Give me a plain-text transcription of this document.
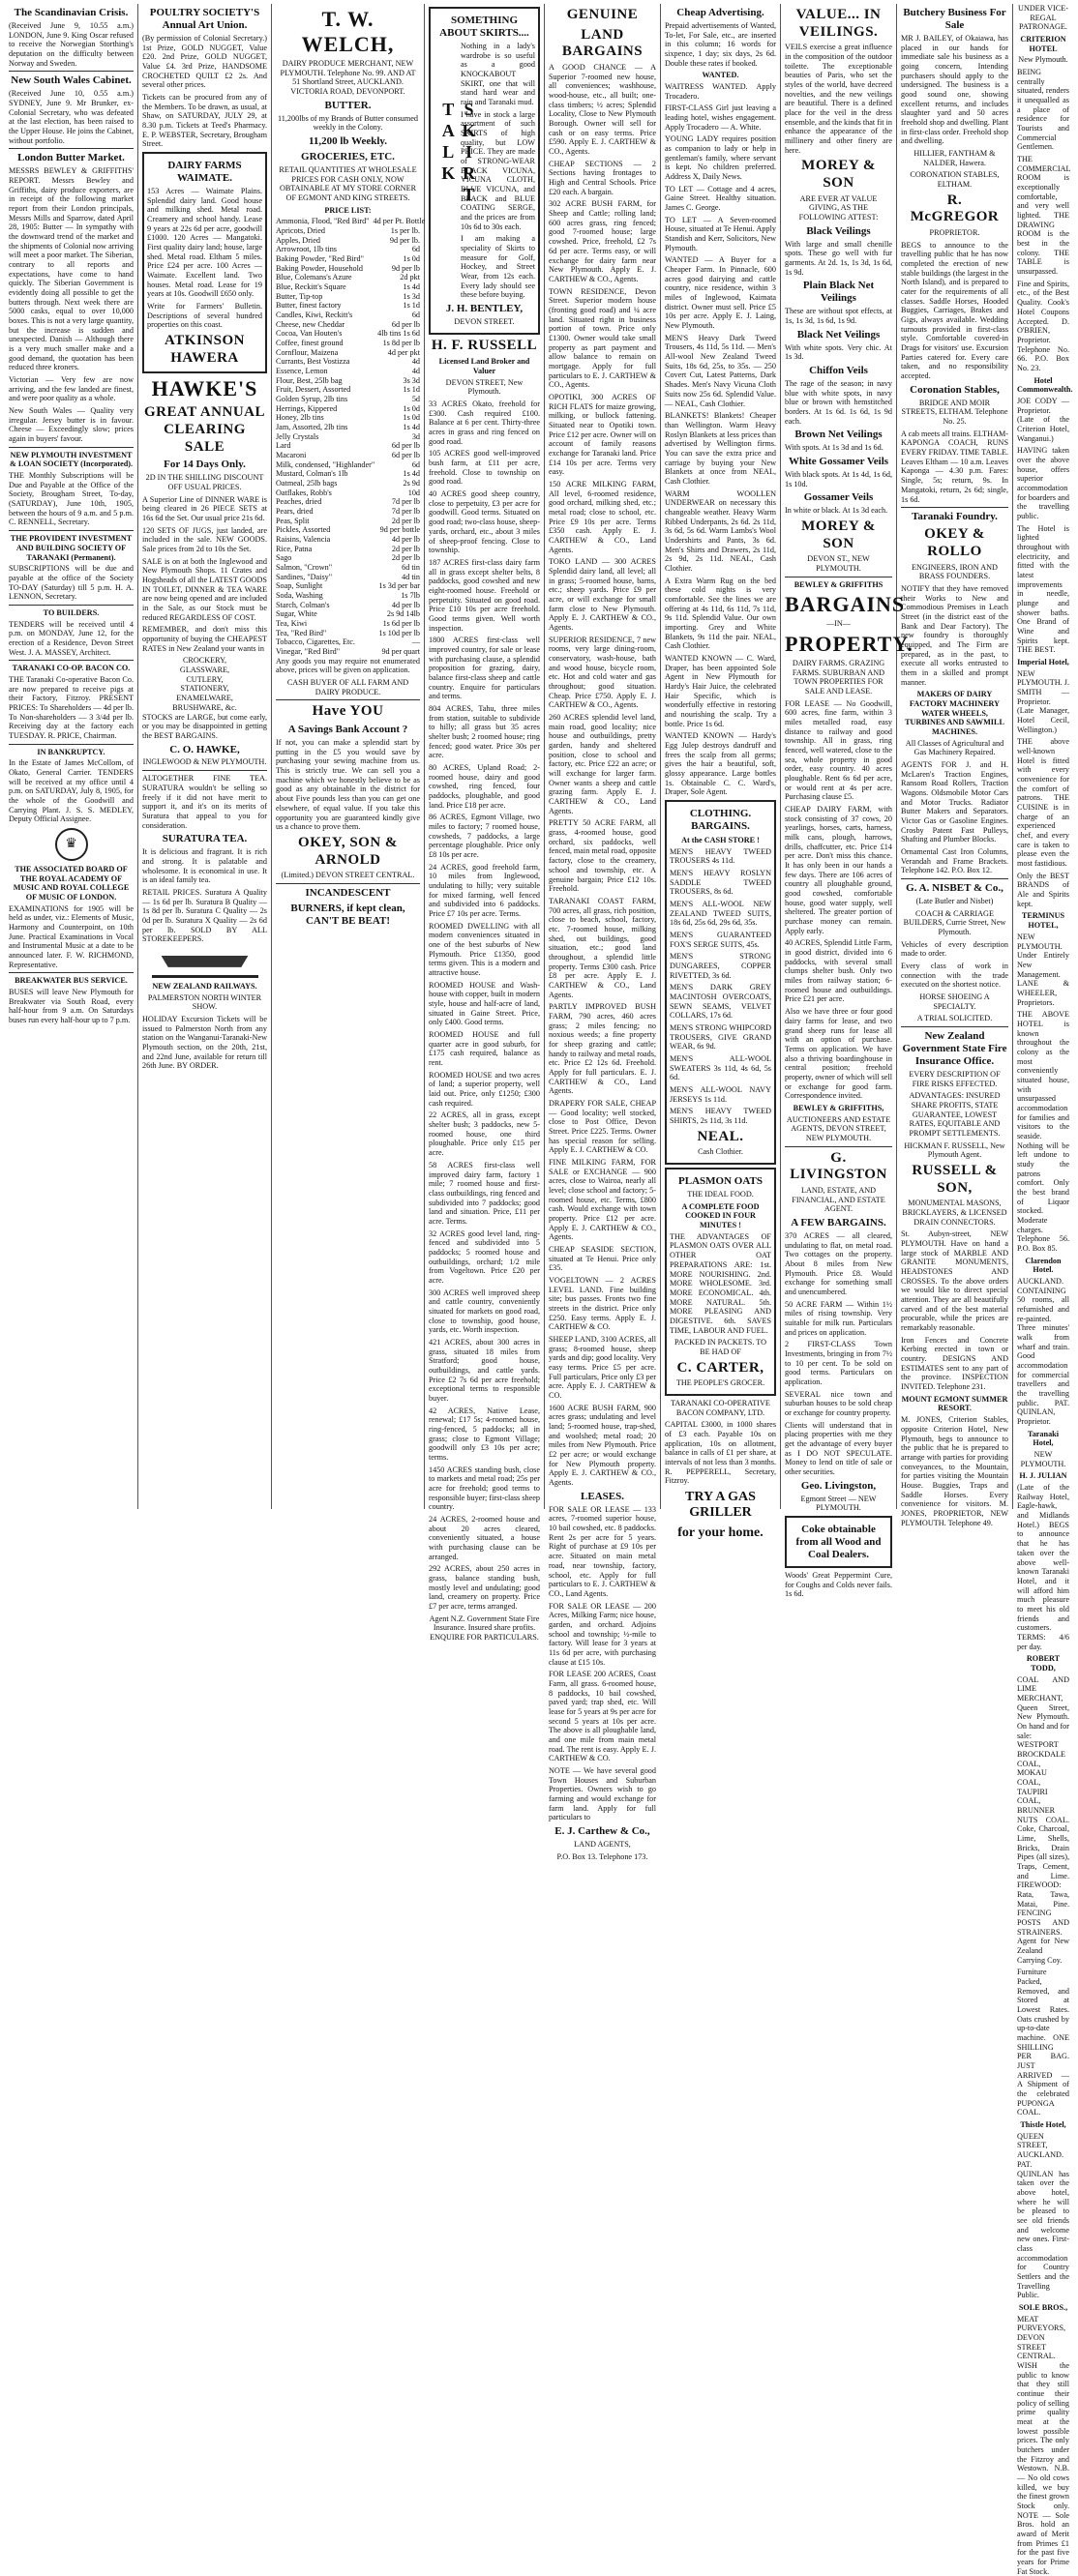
The Scandinavian Crisis.
(Received June 9, 10.55 a.m.) LONDON, June 9. King Oscar refused to receive the Norwegian Storthing's deputation on the difficulty between Norway and Sweden.
New South Wales Cabinet.
(Received June 10, 0.55 a.m.) SYDNEY, June 9. Mr Brunker, ex-Colonial Secretary, who was defeated at the last election, has been raised to the Upper House. He joins the Cabinet, without portfolio.
London Butter Market.
MESSRS BEWLEY & GRIFFITHS' REPORT. Messrs Bewley and Griffiths, dairy produce exporters, are in receipt of the following market report from their London principals, Messrs Mills and Sparrow, dated April 28, 1905: Butter — In sympathy with the downward trend of the market and the shipments of Colonial now arriving will meet a poor market. The Siberian, contrary to all reports and expectations, have come to hand quickly. The Siberian Government is evidently doing all possible to get the butters through. Next week there are 5000 casks, equal to over 10,000 boxes. This is not a very large quantity, but the increase is sudden and unexpected. Danish — Although there is a very much smaller make and a good demand, the quotation has been reduced three kroners.
Victorian — Very few are now arriving, and the few landed are finest, and were poor quality as a whole.
New South Wales — Quality very irregular. Jersey butter is in favour. Cheese — Exceedingly slow; prices again in buyers' favour.
NEW PLYMOUTH INVESTMENT & LOAN SOCIETY (Incorporated).
THE Monthly Subscriptions will be Due and Payable at the Office of the Society, Brougham Street, To-day, (SATURDAY), June 10th, 1905, between the hours of 9 a.m. and 5 p.m. C. RENNELL, Secretary.
THE PROVIDENT INVESTMENT AND BUILDING SOCIETY OF TARANAKI (Permanent).
SUBSCRIPTIONS will be due and payable at the office of the Society TO-DAY (Saturday) till 5 p.m. H. A. LENNON, Secretary.
TO BUILDERS.
TENDERS will be received until 4 p.m. on MONDAY, June 12, for the erection of a Residence, Devon Street West. J. A. MASSEY, Architect.
TARANAKI CO-OP. BACON CO.
THE Taranaki Co-operative Bacon Co. are now prepared to receive pigs at their Factory, Fitzroy. PRESENT PRICES: To Shareholders — 4d per lb. To Non-shareholders — 3 3/4d per lb. Receiving day at the factory each TUESDAY. R. PRICE, Chairman.
IN BANKRUPTCY.
In the Estate of James McCollom, of Okato, General Carrier. TENDERS will be received at my office until 4 p.m. on SATURDAY, July 8, 1905, for the whole of the Goodwill and Carrying Plant. J. S. S. MEDLEY, Deputy Official Assignee.
♛
THE ASSOCIATED BOARD OF THE ROYAL ACADEMY OF MUSIC AND ROYAL COLLEGE OF MUSIC OF LONDON.
EXAMINATIONS for 1905 will be held as under, viz.: Elements of Music, Harmony and Counterpoint, on 10th June. Practical Examinations in Vocal and Instrumental Music at a date to be announced later. F. W. RICHMOND, Representative.
BREAKWATER BUS SERVICE.
BUSES will leave New Plymouth for Breakwater via South Road, every half-hour from 9 a.m. On Saturdays buses run every half-hour up to 7 p.m.
POULTRY SOCIETY'S Annual Art Union.
(By permission of Colonial Secretary.) 1st Prize, GOLD NUGGET, Value £20. 2nd Prize, GOLD NUGGET, Value £4. 3rd Prize, HANDSOME CROCHETED QUILT £2 2s. And several other prices.
Tickets can be procured from any of the Members. To be drawn, as usual, at Shaw, on SATURDAY, JULY 29, at 8.30 p.m. Tickets at Teed's Pharmacy. E. P. WEBSTER, Secretary, Brougham Street.
DAIRY FARMS WAIMATE.
153 Acres — Waimate Plains. Splendid dairy land. Good house and milking shed. Metal road. Creamery and school handy. Lease 9 years at 22s 6d per acre, goodwill £1000. 120 Acres — Mangatoki. First quality dairy land; house, large shed. Metal road. Eltham 5 miles. Price £24 per acre. 100 Acres — Waimate. Excellent land. Two houses. Metal road. Lease for 19 years at 10s. Goodwill £650 only.
Write for Farmers' Bulletin. Descriptions of several hundred properties on this coast.
ATKINSON HAWERA
HAWKE'S
GREAT ANNUAL CLEARING SALE
For 14 Days Only.
2D IN THE SHILLING DISCOUNT OFF USUAL PRICES.
A Superior Line of DINNER WARE is being cleared in 26 PIECE SETS at 16s 6d the Set. Our usual price 21s 6d.
120 SETS OF JUGS, just landed, are included in the sale. NEW GOODS. Sale prices from 2d to 10s the Set.
SALE is on at both the Inglewood and New Plymouth Shops. 11 Crates and Hogsheads of all the LATEST GOODS IN TOILET, DINNER & TEA WARE are now being opened and are included in the Sale, as our Stock must be reduced REGARDLESS OF COST.
REMEMBER, and don't miss this opportunity of buying the CHEAPEST RATES in New Zealand your wants in
CROCKERY,
GLASSWARE,
CUTLERY,
STATIONERY,
ENAMELWARE,
BRUSHWARE, &c.
STOCKS are LARGE, but come early, or you may be disappointed in getting the BEST BARGAINS.
C. O. HAWKE,
INGLEWOOD & NEW PLYMOUTH.
ALTOGETHER FINE TEA. SURATURA wouldn't be selling so freely if it did not have merit to support it, and it's on its merits of Suratura that appeal to you for consideration.
SURATURA TEA.
It is delicious and fragrant. It is rich and strong. It is palatable and wholesome. It is economical in use. It is an ideal family tea.
RETAIL PRICES. Suratura A Quality — 1s 6d per lb. Suratura B Quality — 1s 8d per lb. Suratura C Quality — 2s 0d per lb. Suratura X Quality — 2s 6d per lb. SOLD BY ALL STOREKEEPERS.
NEW ZEALAND RAILWAYS.
PALMERSTON NORTH WINTER SHOW.
HOLIDAY Excursion Tickets will be issued to Palmerston North from any station on the Wanganui-Taranaki-New Plymouth section, on the 20th, 21st, and 22nd June, available for return till 26th June. BY ORDER.
T. W. WELCH,
DAIRY PRODUCE MERCHANT, NEW PLYMOUTH. Telephone No. 99. AND AT 51 Shortland Street, AUCKLAND. VICTORIA ROAD, DEVONPORT.
BUTTER.
11,200lbs of my Brands of Butter consumed weekly in the Colony.
11,200 lb Weekly.
GROCERIES, ETC.
RETAIL QUANTITIES AT WHOLESALE PRICES FOR CASH ONLY, NOW OBTAINABLE AT MY STORE CORNER OF EGMONT AND KING STREETS.
PRICE LIST:
Ammonia, Flood, "Red Bird" 4d per Pt. Bottle
Apricots, Dried	1s per lb.
Apples, Dried	9d per lb.
Arrowroot, 1lb tins	6d
Baking Powder, "Red Bird"	1s 0d
Baking Powder, Household	9d per lb
Blue, Colemans's Azure	2d pkt
Blue, Reckitt's Square	1s 4d
Butter, Tip-top	1s 3d
Butter, finest factory	1s 1d
Candles, Kiwi, Reckitt's	6d
Cheese, new Cheddar	6d per lb
Cocoa, Van Houten's	4lb tins 1s 6d
Coffee, finest ground	1s 8d per lb
Cornflour, Maizena	4d per pkt
Currants, Best Vostizza	4d
Essence, Lemon	4d
Flour, Best, 25lb bag	3s 3d
Fruit, Dessert, Assorted	1s 1d
Golden Syrup, 2lb tins	5d
Herrings, Kippered	1s 0d
Honey, 2lb tins	1s 0d
Jam, Assorted, 2lb tins	1s 4d
Jelly Crystals	3d
Lard	6d per lb
Macaroni	6d per lb
Milk, condensed, "Highlander"	6d
Mustard, Colman's 1lb	1s 4d
Oatmeal, 25lb bags	2s 9d
Oatflakes, Robb's	10d
Peaches, dried	7d per lb
Pears, dried	7d per lb
Peas, Split	2d per lb
Pickles, Assorted	9d per bottle
Raisins, Valencia	4d per lb
Rice, Patna	2d per lb
Sago	2d per lb
Salmon, "Crown"	6d tin
Sardines, "Daisy"	4d tin
Soap, Sunlight	1s 3d per bar
Soda, Washing	1s 7lb
Starch, Colman's	4d per lb
Sugar, White	2s 9d 14lb
Tea, Kiwi	1s 6d per lb
Tea, "Red Bird"	1s 10d per lb
Tobacco, Cigarettes, Etc.	—
Vinegar, "Red Bird"	9d per quart
Any goods you may require not enumerated above, prices will be given on application.
CASH BUYER OF ALL FARM AND DAIRY PRODUCE.
Have YOU
A Savings Bank Account ?
If not, you can make a splendid start by putting in the £5 you would save by purchasing your sewing machine from us. This is strictly true. We can sell you a machine which we honestly believe to be as good as any obtainable in the district for about Five pounds less than you can get one elsewhere, of equal value. If you take this opportunity you are guaranteed kindly give us a chance to prove them.
OKEY, SON & ARNOLD
(Limited.) DEVON STREET CENTRAL.
INCANDESCENT
BURNERS, if kept clean, CAN'T BE BEAT!
SOMETHING ABOUT SKIRTS....
SKIRT TALK
Nothing in a lady's wardrobe is so useful as a good KNOCKABOUT SKIRT, one that will stand hard wear and rain and Taranaki mud.
I have in stock a large assortment of such SKIRTS of high quality, but LOW PRICE. They are made of STRONG-WEAR BLACK VICUNA, VICUNA CLOTH, BLUE VICUNA, and BLACK and BLUE COATING SERGE, and the prices are from 10s 6d to 30s each.
I am making a speciality of Skirts to measure for Golf, Hockey, and Street Wear, from 12s each. Every lady should see these before buying.
J. H. BENTLEY,
DEVON STREET.
H. F. RUSSELL
Licensed Land Broker and Valuer
DEVON STREET, New Plymouth.
33 ACRES Okato, freehold for £300. Cash required £100. Balance at 6 per cent. Thirty-three acres in grass and ring fenced on good road.
105 ACRES good well-improved bush farm, at £11 per acre, freehold. Close to township on good road.
40 ACRES good sheep country, close to perpetuity, £3 per acre for goodwill. Good terms. Situated on good road; two-class house, sheep-yards, orchard, etc., about 3 miles of sheep-proof fencing. Close to township.
187 ACRES first-class dairy farm all in grass except shelter belts, 8 paddocks, good cowshed and new eight-roomed house. Freehold or perpetuity. Situated on good road. Price £10 10s per acre freehold. Good terms given. Well worth inspection.
1800 ACRES first-class well improved country, for sale or lease with purchasing clause, a splendid proposition for grazing, dairy, balance first-class sheep and cattle country. Enquire for particulars and terms.
804 ACRES, Tahu, three miles from station, suitable to subdivide to hilly; all grass but 35 acres shelter bush; 2 roomed house; ring fenced; good water. Price 30s per acre.
80 ACRES, Upland Road; 2-roomed house, dairy and good cowshed, ring fenced, four paddocks, ploughable, and good land. Price £18 per acre.
86 ACRES, Egmont Village, two miles to factory; 7 roomed house, cowsheds, 7 paddocks, a large percentage ploughable. Price only £8 10s per acre.
24 ACRES, good freehold farm, 10 miles from Inglewood, undulating to hilly; very suitable for mixed farming, well fenced and subdivided into 6 paddocks. Price £7 10s per acre. Terms.
ROOMED DWELLING with all modern conveniences situated in one of the best suburbs of New Plymouth. Price £1350, good terms given. This is a modern and attractive house.
ROOMED HOUSE and Wash-house with copper, built in modern style, house and half-acre of land, situated in Gaine Street. Price, only £400. Good terms.
ROOMED HOUSE and full quarter acre in good suburb, for £175 cash required, balance as rent.
ROOMED HOUSE and two acres of land; a superior property, well laid out. Price, only £1250; £300 cash required.
22 ACRES, all in grass, except shelter bush; 3 paddocks, new 5-roomed house, one third ploughable. Price only £15 per acre.
58 ACRES first-class well improved dairy farm, factory 1 mile; 7 roomed house and first-class outbuildings, ring fenced and subdivided into 7 paddocks; good land and situation. Price, £11 per acre. Terms.
32 ACRES good level land, ring-fenced and subdivided into 5 paddocks; 5 roomed house and outbuildings, orchard; 1/2 mile from Vogeltown. Price £20 per acre.
300 ACRES well improved sheep and cattle country, conveniently situated for markets on good road, close to township, good house, yards, etc. Worth inspection.
421 ACRES, about 300 acres in grass, situated 18 miles from Stratford; good house, outbuildings, and cattle yards. Price £2 7s 6d per acre freehold; exceptional terms to responsible buyer.
42 ACRES, Native Lease, renewal; £17 5s; 4-roomed house, ring-fenced, 5 paddocks; all in grass; close to Egmont Village; goodwill only £3 10s per acre; terms.
1450 ACRES standing bush, close to markets and metal road; 25s per acre for freehold; good terms to responsible buyer; first-class sheep country.
24 ACRES, 2-roomed house and about 20 acres cleared, conveniently situated, a house with purchasing clause can be arranged.
292 ACRES, about 250 acres in grass, balance standing bush, mostly level and undulating; good land, creamery on property. Price £7 per acre, terms arranged.
Agent N.Z. Government State Fire Insurance. Insured share profits. ENQUIRE FOR PARTICULARS.
GENUINE
LAND BARGAINS
A GOOD CHANCE — A Superior 7-roomed new house, all conveniences; washhouse, wood-house, etc., all built; one-class timbers; ½ acres; Splendid Locality, Close to New Plymouth Borough. Owner will sell for cash or on easy terms. Price £590. Apply E. J. CARTHEW & CO., Agents.
CHEAP SECTIONS — 2 Sections having frontages to High and Central Schools. Price £20 each. A bargain.
302 ACRE BUSH FARM, for Sheep and Cattle; rolling land; 600 acres grass, ring fenced; good 7-roomed house; large cowshed. Price, freehold, £2 7s 6d per acre. Terms easy, or will exchange for dairy farm near New Plymouth. Apply E. J. CARTHEW & CO., Agents.
TOWN RESIDENCE, Devon Street. Superior modern house (fronting good road) and ¼ acre land. Situated right in business portion of town. Price only £1300. Owner would take small property as part payment and allow balance to remain on mortgage. Apply for full particulars to E. J. CARTHEW & CO., Agents.
OPOTIKI, 300 ACRES OF RICH FLATS for maize growing, milking, or bullock fattening. Situated near to Opotiki town. Price £12 per acre. Owner will on account of family reasons exchange for Taranaki land. Price £14 10s per acre. Terms very easy.
150 ACRE MILKING FARM, All level, 6-roomed residence, good orchard, milking shed, etc.; metal road; close to school, etc. Price £9 10s per acre. Terms £350 cash. Apply E. J. CARTHEW & CO., Land Agents.
TOKO LAND — 300 ACRES Splendid dairy land, all level; all in grass; 5-roomed house, barns, etc.; sheep yards. Price £9 per acre, or will exchange for small farm close to New Plymouth. Apply E. J. CARTHEW & CO., Agents.
SUPERIOR RESIDENCE, 7 new rooms, very large dining-room, conservatory, wash-house, bath and wood house, bicycle room, etc. Hot and cold water and gas throughout; good situation. Cheap. Price £750. Apply E. J. CARTHEW & CO., Agents.
260 ACRES splendid level land, main road, good locality; nice house and outbuildings, pretty garden, handy and sheltered position, close to school and factory, etc. Price £22 an acre; or will exchange for larger farm. Owner wants a sheep and cattle grazing farm. Apply E. J. CARTHEW & CO., Land Agents.
PRETTY 50 ACRE FARM, all grass, 4-roomed house, good orchard, six paddocks, well fenced, main metal road, opposite factory, close to the creamery, school and township, etc. A genuine bargain; Price £12 10s. Freehold.
TARANAKI COAST FARM, 700 acres, all grass, rich position, close to beach, school, factory, etc. 7-roomed house, milking shed, out buildings, good situation, etc.; good land throughout, a splendid little property. Terms £300 cash. Price £8 per acre. Apply E. J. CARTHEW & CO., Land Agents.
PARTLY IMPROVED BUSH FARM, 790 acres, 460 acres grass; 2 miles fencing; no noxious weeds; a fine property for sheep grazing and cattle; handy to railway and metal roads, etc. Price £2 12s 6d. Freehold. Apply for full particulars. E. J. CARTHEW & CO., Land Agents.
DRAPERY FOR SALE, CHEAP — Good locality; well stocked, close to Post Office, Devon Street. Price £225. Terms. Owner has special reason for selling. Apply E. J. CARTHEW & CO.
FINE MILKING FARM, FOR SALE or EXCHANGE — 900 acres, close to Wairoa, nearly all level; close school and factory; 5-roomed house, etc. Terms, £800 cash. Would exchange with town property. Price £12 per acre. Apply E. J. CARTHEW & CO., Agents.
CHEAP SEASIDE SECTION, situated at Te Henui. Price only £35.
VOGELTOWN — 2 ACRES LEVEL LAND. Fine building site; bus passes. Fronts two fine streets in the district. Price only £250. Easy terms. Apply E. J. CARTHEW & CO.
SHEEP LAND, 3100 ACRES, all grass; 8-roomed house, sheep yards and dip; good locality. Very easy terms. Price £5 per acre. Full particulars, Price only £3 per acre. Apply E. J. CARTHEW & CO.
1600 ACRE BUSH FARM, 900 acres grass; undulating and level land; 5-roomed house, trap-shed, and woolshed; metal road; 20 miles from New Plymouth. Price £2 per acre; or would exchange for New Plymouth property. Apply E. J. CARTHEW & CO., Agents.
LEASES.
FOR SALE OR LEASE — 133 acres, 7-roomed superior house, 10 bail cowshed, etc. 8 paddocks. Rent 2s per acre for 5 years. Right of purchase at £9 10s per acre. Situated on main metal road, near township, factory, school, etc. Apply for full particulars to E. J. CARTHEW & CO., Land Agents.
FOR SALE OR LEASE — 200 Acres, Milking Farm; nice house, garden, and orchard. Adjoins school and township; ½-mile to factory. Will lease for 3 years at 11s 6d per acre, with purchasing clause at £15 10s.
FOR LEASE 200 ACRES, Coast Farm, all grass. 6-roomed house, 8 paddocks, 10 bail cowshed, paved yard; trap shed, etc. Will lease for 5 years at 9s per acre for second 5 years at 10s per acre. The above is all ploughable land, and one mile from main metal road. The rent is easy. Apply E. J. CARTHEW & CO.
NOTE — We have several good Town Houses and Suburban Properties. Owners wish to go farming and would exchange for farm land. Apply for full particulars to
E. J. Carthew & Co.,
LAND AGENTS,
P.O. Box 13. Telephone 173.
Cheap Advertising.
Prepaid advertisements of Wanted, To-let, For Sale, etc., are inserted in this column; 16 words for sixpence, 1 day; six days, 2s 6d. Double these rates if booked.
WANTED.
WAITRESS WANTED. Apply Trocadero.
FIRST-CLASS Girl just leaving a leading hotel, wishes engagement. Apply Trocadero — A. White.
YOUNG LADY requires position as companion to lady or help in gentleman's family, where servant is kept. No children preferred. Address X, Daily News.
TO LET — Cottage and 4 acres, Gaine Street. Healthy situation. James C. George.
TO LET — A Seven-roomed House, situated at Te Henui. Apply Standish and Kerr, Solicitors, New Plymouth.
WANTED — A Buyer for a Cheaper Farm. In Pinnacle, 600 acres good dairying and cattle country, nice residence, within 3 miles of Inglewood, Kaimata district. Owner must sell. Price £5 10s per acre. Apply E. J. Laing, New Plymouth.
MEN'S Heavy Dark Tweed Trousers, 4s 11d, 5s 11d. — Men's All-wool New Zealand Tweed Suits, 18s 6d, 25s, to 35s. — 250 Covert Cut, Latest Patterns, Dark Shades. Men's Navy Vicuna Cloth Suits now 25s 6d. Splendid Value. — NEAL, Cash Clothier.
BLANKETS! Blankets! Cheaper than Wellington. Warm Heavy Roslyn Blankets at less prices than advertised by Wellington firms. You can save the extra price and carriage by buying your New Blankets at once from NEAL, Cash Clothier.
WARM WOOLLEN UNDERWEAR on necessary this changeable weather. Heavy Warm Ribbed Underpants, 2s 6d. 2s 11d, 3s 6d, 5s 6d. Warm Lambs's Wool Undershirts and Pants, 3s 6d. Men's Shirts and Drawers, 2s 11d, 2s 9d, 2s 11d. NEAL, Cash Clothier.
A Extra Warm Rug on the bed these cold nights is very comfortable. See the lines we are offering at 4s 11d, 6s 11d, 7s 11d, 9s 11d. Splendid Value. Our own importing. Grey and White Blankets, 9s 11d the pair. NEAL, Cash Clothier.
WANTED KNOWN — C. Ward, Draper, has been appointed Sole Agent in New Plymouth for Hardy's Hair Juice, the celebrated Hair Specific, which is wonderfully effective in restoring and nourishing the scalp. Try a bottle. Price 1s 6d.
WANTED KNOWN — Hardy's Egg Julep destroys dandruff and frees the scalp from all germs; gives the hair a beautiful, soft, glossy appearance. Large bottles 1s. Obtainable C. C. Ward's, Draper, Sole Agent.
CLOTHING. BARGAINS.
At the CASH STORE !
MEN'S HEAVY TWEED TROUSERS 4s 11d.
MEN'S HEAVY ROSLYN SADDLE TWEED TROUSERS, 8s 6d.
MEN'S ALL-WOOL NEW ZEALAND TWEED SUITS, 18s 6d, 25s 6d, 29s 6d, 35s.
MEN'S GUARANTEED FOX'S SERGE SUITS, 45s.
MEN'S STRONG DUNGAREES, COPPER RIVETTED, 3s 6d.
MEN'S DARK GREY MACINTOSH OVERCOATS, SEWN SEAMS, VELVET COLLARS, 17s 6d.
MEN'S STRONG WHIPCORD TROUSERS, GIVE GRAND WEAR, 6s 9d.
MEN'S ALL-WOOL SWEATERS 3s 11d, 4s 6d, 5s 6d.
MEN'S ALL-WOOL NAVY JERSEYS 1s 11d.
MEN'S HEAVY TWEED SHIRTS, 2s 11d, 3s 11d.
NEAL.
Cash Clothier.
PLASMON OATS
THE IDEAL FOOD.
A COMPLETE FOOD COOKED IN FOUR MINUTES !
THE ADVANTAGES OF PLASMON OATS OVER ALL OTHER OAT PREPARATIONS ARE: 1st. MORE NOURISHING. 2nd. MORE WHOLESOME. 3rd. MORE ECONOMICAL. 4th. MORE NATURAL. 5th. MORE PLEASING AND DIGESTIVE. 6th. SAVES TIME, LABOUR AND FUEL.
PACKED IN PACKETS. TO BE HAD OF
C. CARTER,
THE PEOPLE'S GROCER.
TARANAKI CO-OPERATIVE BACON COMPANY, LTD.
CAPITAL £3000, in 1000 shares of £3 each. Payable 10s on application, 10s on allotment, balance in calls of £1 per share, at intervals of not less than 3 months. R. PEPPERELL, Secretary, Fitzroy.
TRY A GAS GRILLER
for your home.
VALUE... IN VEILINGS.
VEILS exercise a great influence in the composition of the outdoor toilette. The exceptionable beauties of Paris, who set the styles of the world, have decreed novelties, and the new veilings are beautiful. There is a defined place for the veil in the dress ensemble, and the kinds that fit in enhance the appearance of the millinery and other finery are here.
MOREY & SON
ARE EVER AT VALUE GIVING, AS THE FOLLOWING ATTEST:
Black Veilings
With large and small chenille spots. These go well with fur garments. At 2d. 1s, 1s 3d, 1s 6d, 1s 9d.
Plain Black Net Veilings
These are without spot effects, at 1s, 1s 3d, 1s 6d, 1s 9d.
Black Net Veilings
With white spots. Very chic. At 1s 3d.
Chiffon Veils
The rage of the season; in navy blue with white spots, in navy blue or brown with hemstitched borders. At 1s 6d. 1s 6d, 1s 9d each.
Brown Net Veilings
With spots. At 1s 3d and 1s 6d.
White Gossamer Veils
With black spots. At 1s 4d, 1s 6d, 1s 10d.
Gossamer Veils
In white or black. At 1s 3d each.
MOREY & SON
DEVON ST., NEW PLYMOUTH.
BEWLEY & GRIFFITHS
BARGAINS
—IN—
PROPERTY.
DAIRY FARMS. GRAZING FARMS. SUBURBAN AND TOWN PROPERTIES FOR SALE AND LEASE.
FOR LEASE — No Goodwill, 600 acres, fine farm, within 3 miles metalled road, easy distance to railway and good township. All in grass, ring fenced, well watered, close to the sea, whole property in good order, easy country. 40 acres ploughable. Rent 6s 6d per acre, or would rent at 4s per acre. Purchasing clause £5.
CHEAP DAIRY FARM, with stock consisting of 37 cows, 20 yearlings, horses, carts, harness, milk cans, plough, harrows, drills, chaffcutter, etc. Price £14 per acre. Don't miss this chance. It has only been in our hands a few days. There are 106 acres of country all ploughable ground, good cowshed, comfortable house, good water supply, well sheltered. The greater portion of purchase money can remain. Apply early.
40 ACRES, Splendid Little Farm, in good district, divided into 6 paddocks, with several small clumps shelter bush. Only two miles from railway station; 6-roomed house and outbuildings. Price £21 per acre.
Also we have three or four good dairy farms for lease, and two grand sheep runs for lease all with an option of purchase. Terms on application. We have also a thriving boardinghouse in central position; freehold property, owner of which will sell or exchange for good farm. Correspondence invited.
BEWLEY & GRIFFITHS,
AUCTIONEERS AND ESTATE AGENTS, DEVON STREET, NEW PLYMOUTH.
G. LIVINGSTON
LAND, ESTATE, AND FINANCIAL, AND ESTATE AGENT.
A FEW BARGAINS.
370 ACRES — all cleared, undulating to flat, on metal road. Two cottages on the property. About 8 miles from New Plymouth. Price £8. Would exchange for something small and unencumbered.
50 ACRE FARM — Within 1½ miles of rising township. Very suitable for milk run. Particulars and prices on application.
2 FIRST-CLASS Town Investments, bringing in from 7½ to 10 per cent. To be sold on good terms. Particulars on application.
SEVERAL nice town and suburban houses to be sold cheap or exchange for country property.
Clients will understand that in placing properties with me they get the advantage of every buyer as I DO NOT SPECULATE. Money to lend on title of sale or other securities.
Geo. Livingston,
Egmont Street — NEW PLYMOUTH.
Coke obtainable from all Wood and Coal Dealers.
Woods' Great Peppermint Cure, for Coughs and Colds never fails. 1s 6d.
Butchery Business For Sale
MR J. BAILEY, of Okaiawa, has placed in our hands for immediate sale his business as a going concern, Intending purchasers should apply to the undersigned. The business is a good sound one, showing excellent returns, and includes slaughter yard and 50 acres freehold shop and dwelling. Plant in first-class order. Freehold shop and dwelling.
HILLIER, FANTHAM & NALDER, Hawera.
CORONATION STABLES, ELTHAM.
R. McGREGOR
PROPRIETOR.
BEGS to announce to the travelling public that he has now completed the erection of new stable buildings (the largest in the North Island), and is prepared to cater for the requirements of all classes. Saddle Horses, Hooded Buggies, Carriages, Brakes and Gigs, always available. Wedding turnouts provided in first-class style. Comfortable covered-in Drags for visitors' use. Excursion Parties catered for. Every care taken, and no responsibility accepted.
Coronation Stables,
BRIDGE AND MOIR STREETS, ELTHAM. Telephone No. 25.
A cab meets all trains. ELTHAM-KAPONGA COACH, RUNS EVERY FRIDAY. TIME TABLE. Leaves Eltham — 10 a.m. Leaves Kaponga — 4.30 p.m. Fares: Single, 5s; return, 9s. In Mangatoki, return, 2s 6d; single, 1s 6d.
Taranaki Foundry.
OKEY & ROLLO
ENGINEERS, IRON AND BRASS FOUNDERS.
NOTIFY that they have removed their Works to New and Commodious Premises in Leach Street (in the district east of the Bank and Dear Factory). The new foundry is thoroughly equipped, and The Firm are prepared, as in the past, to execute all works entrusted to them in a skilled and prompt manner.
MAKERS OF DAIRY FACTORY MACHINERY WATER WHEELS, TURBINES AND SAWMILL MACHINES.
All Classes of Agricultural and Gas Machinery Repaired.
AGENTS FOR J. and H. McLaren's Traction Engines, Ransom Road Rollers, Traction Wagons. Oldsmobile Motor Cars and Motor Trucks. Radiator Butter Makers and Separators. Victor Gas or Gasoline Engines. Crosby Patent Fast Pulleys, Shafting and Plumber Blocks.
Ornamental Cast Iron Columns, Verandah and Frame Brackets. Telephone 142. P.O. Box 12.
G. A. NISBET & Co.,
(Late Butler and Nisbet)
COACH & CARRIAGE BUILDERS, Currie Street, New Plymouth.
Vehicles of every description made to order.
Every class of work in connection with the trade executed on the shortest notice.
HORSE SHOEING A SPECIALTY.
A TRIAL SOLICITED.
New Zealand Government State Fire Insurance Office.
EVERY DESCRIPTION OF FIRE RISKS EFFECTED.
ADVANTAGES: INSURED SHARE PROFITS, STATE GUARANTEE, LOWEST RATES, EQUITABLE AND PROMPT SETTLEMENTS.
HICKMAN F. RUSSELL, New Plymouth Agent.
RUSSELL & SON,
MONUMENTAL MASONS, BRICKLAYERS, & LICENSED DRAIN CONNECTORS.
St. Aubyn-street, NEW PLYMOUTH. Have on hand a large stock of MARBLE AND GRANITE MONUMENTS, HEADSTONES AND CROSSES. To the above orders we would like to direct special attention. They are all beautifully carved and of the best material procurable, while the prices are remarkably reasonable.
Iron Fences and Concrete Kerbing erected in town or country. DESIGNS AND ESTIMATES sent to any part of the province. INSPECTION INVITED. Telephone 231.
MOUNT EGMONT SUMMER RESORT.
M. JONES, Criterion Stables, opposite Criterion Hotel, New Plymouth, begs to announce to the public that he is prepared to arrange with parties for providing conveyances, to the Mountain, for parties visiting the Mountain House. Buggies, Traps and Saddle Horses. Every convenience for visitors. M. JONES, PROPRIETOR, NEW PLYMOUTH. Telephone 49.
UNDER VICE-REGAL PATRONAGE.
CRITERION HOTEL
New Plymouth.
BEING centrally situated, renders it unequalled as a place of residence for Tourists and Commercial Gentlemen.
THE COMMERCIAL ROOM is exceptionally comfortable, and very well lighted. THE DRAWING ROOM is the best in the colony. THE TABLE is unsurpassed.
Fine and Spirits, etc., of the Best Quality. Cook's Hotel Coupons Accepted. D. O'BRIEN, Proprietor. Telephone No. 66. P.O. Box No. 23.
Hotel Commonwealth.
JOE CODY — Proprietor. (Late of the Criterion Hotel, Wanganui.)
HAVING taken over the above house, offers superior accommodation for boarders and the travelling public.
The Hotel is lighted throughout with electricity, and fitted with the latest improvements in needle, plunge and shower baths. One Brand of Wine and Spirits kept. THE BEST.
Imperial Hotel,
NEW PLYMOUTH. J. SMITH — Proprietor. (Late Manager, Hotel Cecil, Wellington.)
THE above well-known Hotel is fitted with every convenience for the comfort of patrons. THE CUISINE is in charge of an experienced chef, and every care is taken to please even the most fastidious.
Only the BEST BRANDS of Ale and Spirits kept.
TERMINUS HOTEL,
NEW PLYMOUTH. Under Entirely New Management. LANE & WHEELER, Proprietors.
THE ABOVE HOTEL is known throughout the colony as the most conveniently situated house, with unsurpassed accommodation for families and visitors to the seaside. Nothing will be left undone to study the patrons comfort. Only the best brand of Liquor stocked. Moderate charges. Telephone 56. P.O. Box 85.
Clarendon Hotel.
AUCKLAND. CONTAINING 50 rooms, all refurnished and re-painted. Three minutes' walk from wharf and train. Good accommodation for commercial travellers and the travelling public. PAT. QUINLAN, Proprietor.
Taranaki Hotel,
NEW PLYMOUTH.
H. J. JULIAN
(Late of the Railway Hotel, Eagle-hawk, and Midlands Hotel.) BEGS to announce that he has taken over the above well-known Taranaki Hotel, and it will afford him much pleasure to meet his old friends and customers. TERMS: 4/6 per day.
ROBERT TODD,
COAL AND LIME MERCHANT, Queen Street, New Plymouth. On hand and for sale: WESTPORT BROCKDALE COAL, MOKAU COAL, TAUPIRI COAL, BRUNNER NUTS COAL. Coke, Charcoal, Lime, Shells, Bricks, Drain Pipes (all sizes), Traps, Cement, and Lime. FIREWOOD: Rata, Tawa, Matai, Pine. FENCING POSTS AND STRAINERS. Agent for New Zealand Carrying Coy.
Furniture Packed, Removed, and Stored at Lowest Rates. Oats crushed by up-to-date machine. ONE SHILLING PER BAG. JUST ARRIVED — A Shipment of the celebrated PUPONGA COAL.
Thistle Hotel,
QUEEN STREET, AUCKLAND. PAT. QUINLAN has taken over the above hotel, where he will be pleased to see old friends and welcome new ones. First-class accommodation for Country Settlers and the Travelling Public.
SOLE BROS.,
MEAT PURVEYORS, DEVON STREET CENTRAL. WISH the public to know that they still continue their policy of selling prime quality meat at the lowest possible prices. The only butchers under the Fitzroy and Westown. N.B. — No old cows killed, we buy the finest grown Stock only. NOTE — Sole Bros. hold an award of Merit from Primes £1 for the past five years for Prime Fat Stock.
